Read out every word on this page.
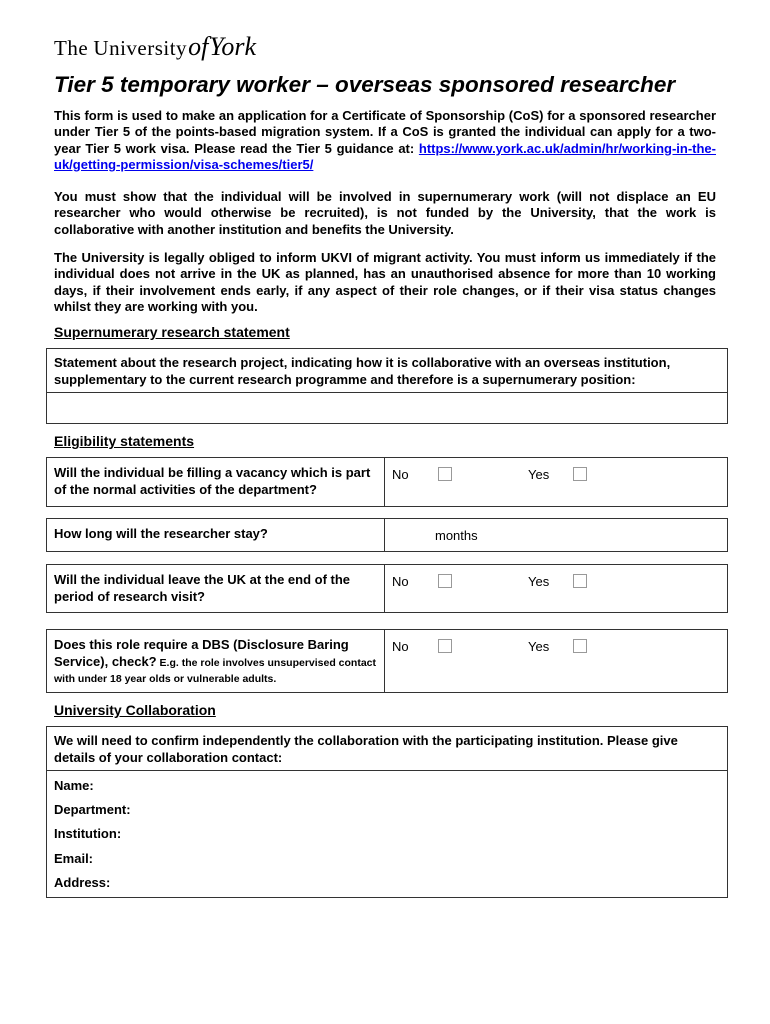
The UniversityofYork
Tier 5 temporary worker – overseas sponsored researcher

This form is used to make an application for a Certificate of Sponsorship (CoS) for a sponsored researcher under Tier 5 of the points-based migration system. If a CoS is granted the individual can apply for a two-year Tier 5 work visa. Please read the Tier 5 guidance at: https://www.york.ac.uk/admin/hr/working-in-the-uk/getting-permission/visa-schemes/tier5/

You must show that the individual will be involved in supernumerary work (will not displace an EU researcher who would otherwise be recruited), is not funded by the University, that the work is collaborative with another institution and benefits the University.

The University is legally obliged to inform UKVI of migrant activity. You must inform us immediately if the individual does not arrive in the UK as planned, has an unauthorised absence for more than 10 working days, if their involvement ends early, if any aspect of their role changes, or if their visa status changes whilst they are working with you.

Supernumerary research statement

Statement about the research project, indicating how it is collaborative with an overseas institution, supplementary to the current research programme and therefore is a supernumerary position:

Eligibility statements
Will the individual be filling a vacancy which is part of the normal activities of the department?
No	Yes
How long will the researcher stay?	months
Will the individual leave the UK at the end of the period of research visit?
No	Yes
Does this role require a DBS (Disclosure Baring Service), check? E.g. the role involves unsupervised contact with under 18 year olds or vulnerable adults.
No	Yes
University Collaboration

We will need to confirm independently the collaboration with the participating institution. Please give details of your collaboration contact:

Name:
Department:
Institution:
Email:
Address:
